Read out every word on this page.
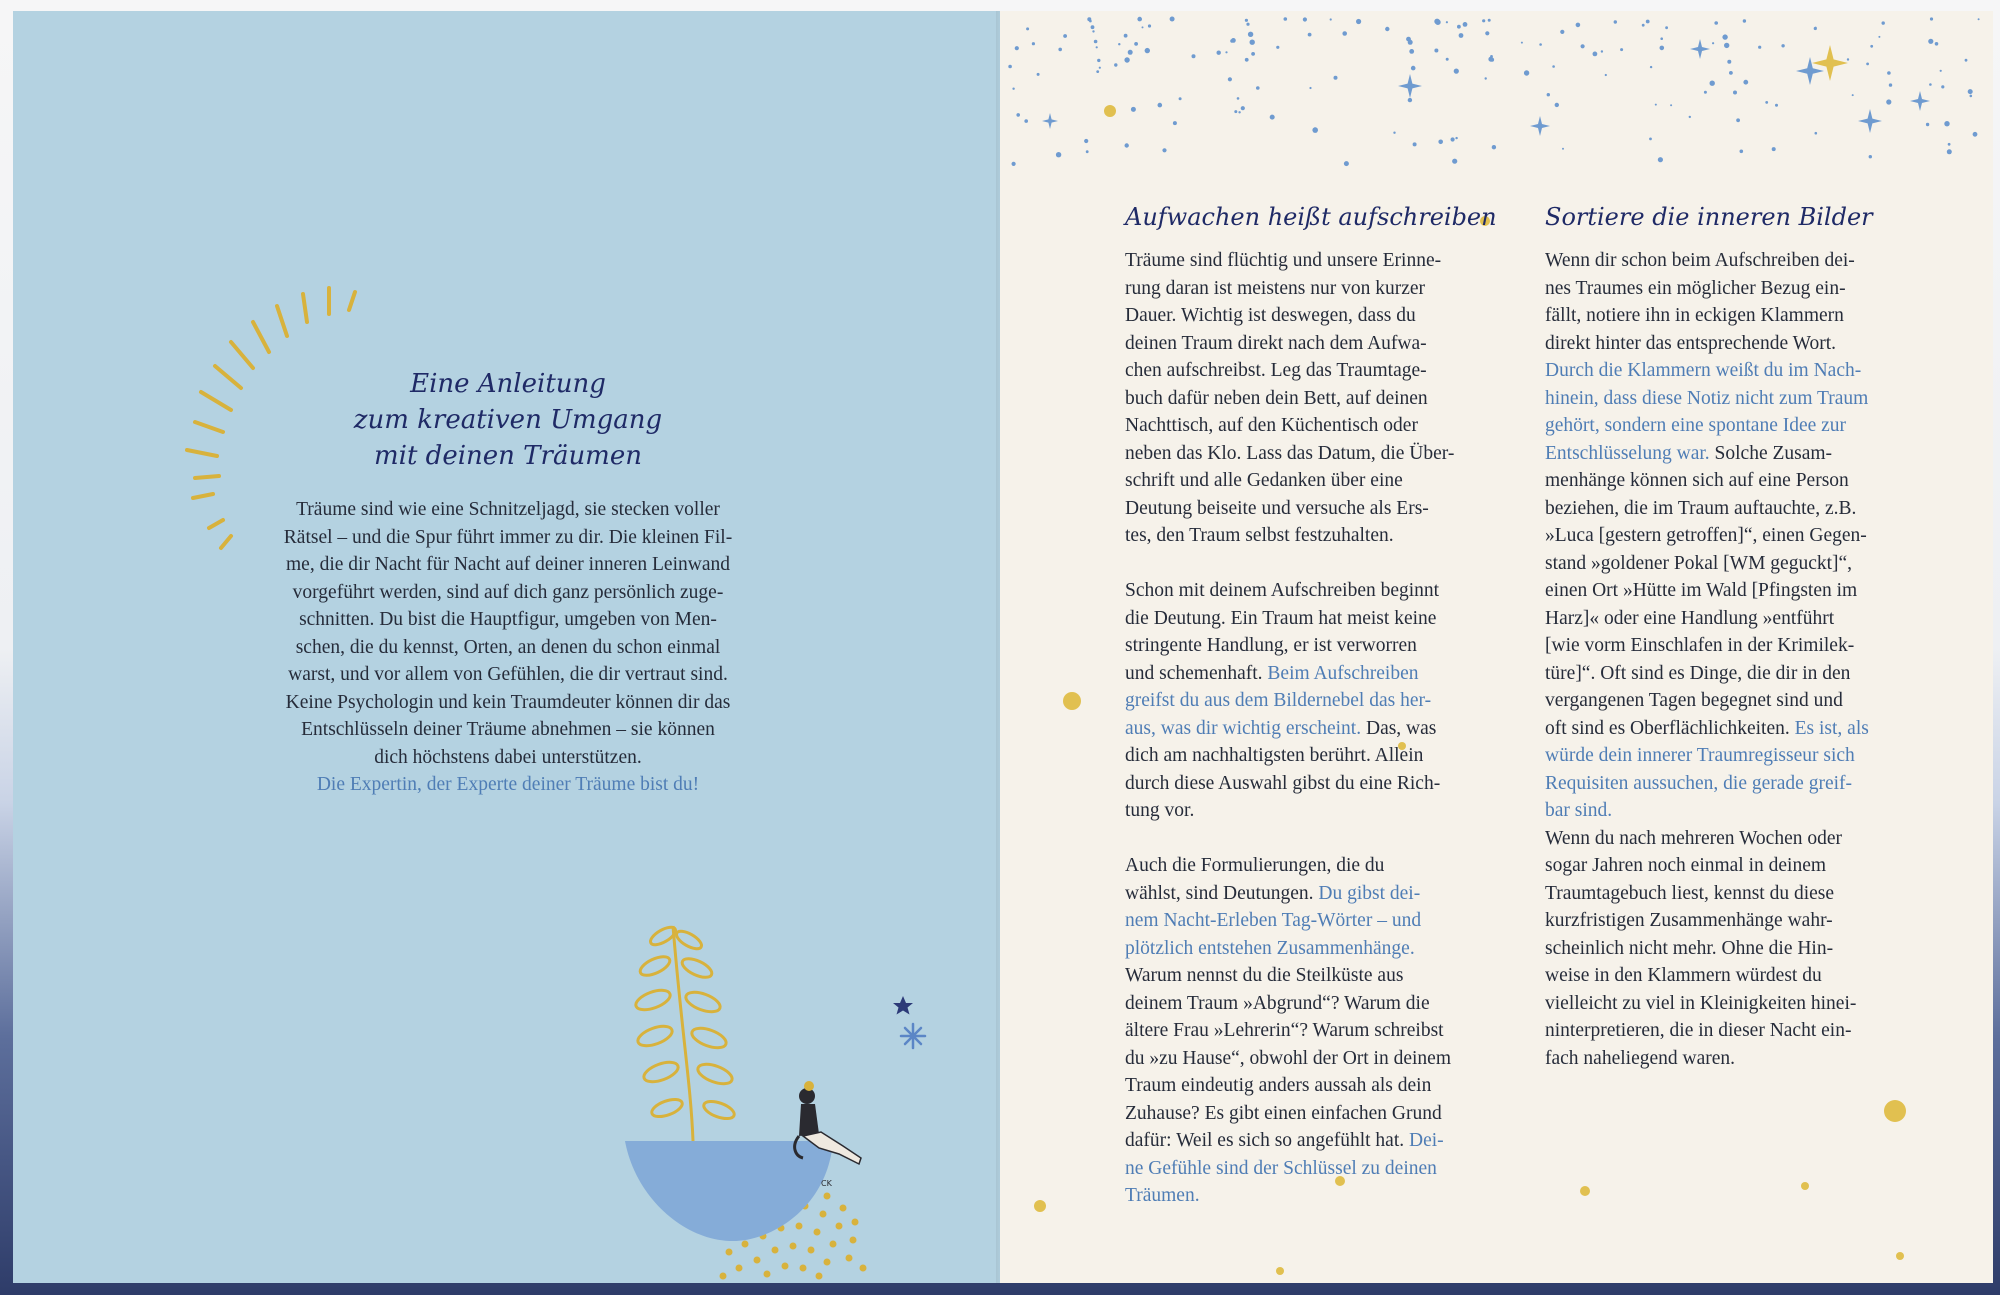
Eine Anleitung
zum kreativen Umgang
mit deinen Träumen
Träume sind wie eine Schnitzeljagd, sie stecken voller
Rätsel – und die Spur führt immer zu dir. Die kleinen Fil-
me, die dir Nacht für Nacht auf deiner inneren Leinwand
vorgeführt werden, sind auf dich ganz persönlich zuge-
schnitten. Du bist die Hauptfigur, umgeben von Men-
schen, die du kennst, Orten, an denen du schon einmal
warst, und vor allem von Gefühlen, die dir vertraut sind.
Keine Psychologin und kein Traumdeuter können dir das
Entschlüsseln deiner Träume abnehmen – sie können
dich höchstens dabei unterstützen.
Die Expertin, der Experte deiner Träume bist du!
CK
Aufwachen heißt aufschreiben
Träume sind flüchtig und unsere Erinne-
rung daran ist meistens nur von kurzer
Dauer. Wichtig ist deswegen, dass du
deinen Traum direkt nach dem Aufwa-
chen aufschreibst. Leg das Traumtage-
buch dafür neben dein Bett, auf deinen
Nachttisch, auf den Küchentisch oder
neben das Klo. Lass das Datum, die Über-
schrift und alle Gedanken über eine
Deutung beiseite und versuche als Ers-
tes, den Traum selbst festzuhalten.
Schon mit deinem Aufschreiben beginnt
die Deutung. Ein Traum hat meist keine
stringente Handlung, er ist verworren
und schemenhaft. Beim Aufschreiben
greifst du aus dem Bildernebel das her-
aus, was dir wichtig erscheint. Das, was
dich am nachhaltigsten berührt. Allein
durch diese Auswahl gibst du eine Rich-
tung vor.
Auch die Formulierungen, die du
wählst, sind Deutungen. Du gibst dei-
nem Nacht-Erleben Tag-Wörter – und
plötzlich entstehen Zusammenhänge.
Warum nennst du die Steilküste aus
deinem Traum »Abgrund“? Warum die
ältere Frau »Lehrerin“? Warum schreibst
du »zu Hause“, obwohl der Ort in deinem
Traum eindeutig anders aussah als dein
Zuhause? Es gibt einen einfachen Grund
dafür: Weil es sich so angefühlt hat. Dei-
ne Gefühle sind der Schlüssel zu deinen
Träumen.
Sortiere die inneren Bilder
Wenn dir schon beim Aufschreiben dei-
nes Traumes ein möglicher Bezug ein-
fällt, notiere ihn in eckigen Klammern
direkt hinter das entsprechende Wort.
Durch die Klammern weißt du im Nach-
hinein, dass diese Notiz nicht zum Traum
gehört, sondern eine spontane Idee zur
Entschlüsselung war. Solche Zusam-
menhänge können sich auf eine Person
beziehen, die im Traum auftauchte, z.B.
»Luca [gestern getroffen]“, einen Gegen-
stand »goldener Pokal [WM geguckt]“,
einen Ort »Hütte im Wald [Pfingsten im
Harz]« oder eine Handlung »entführt
[wie vorm Einschlafen in der Krimilek-
türe]“. Oft sind es Dinge, die dir in den
vergangenen Tagen begegnet sind und
oft sind es Oberflächlichkeiten. Es ist, als
würde dein innerer Traumregisseur sich
Requisiten aussuchen, die gerade greif-
bar sind.
Wenn du nach mehreren Wochen oder
sogar Jahren noch einmal in deinem
Traumtagebuch liest, kennst du diese
kurzfristigen Zusammenhänge wahr-
scheinlich nicht mehr. Ohne die Hin-
weise in den Klammern würdest du
vielleicht zu viel in Kleinigkeiten hinei-
ninterpretieren, die in dieser Nacht ein-
fach naheliegend waren.
